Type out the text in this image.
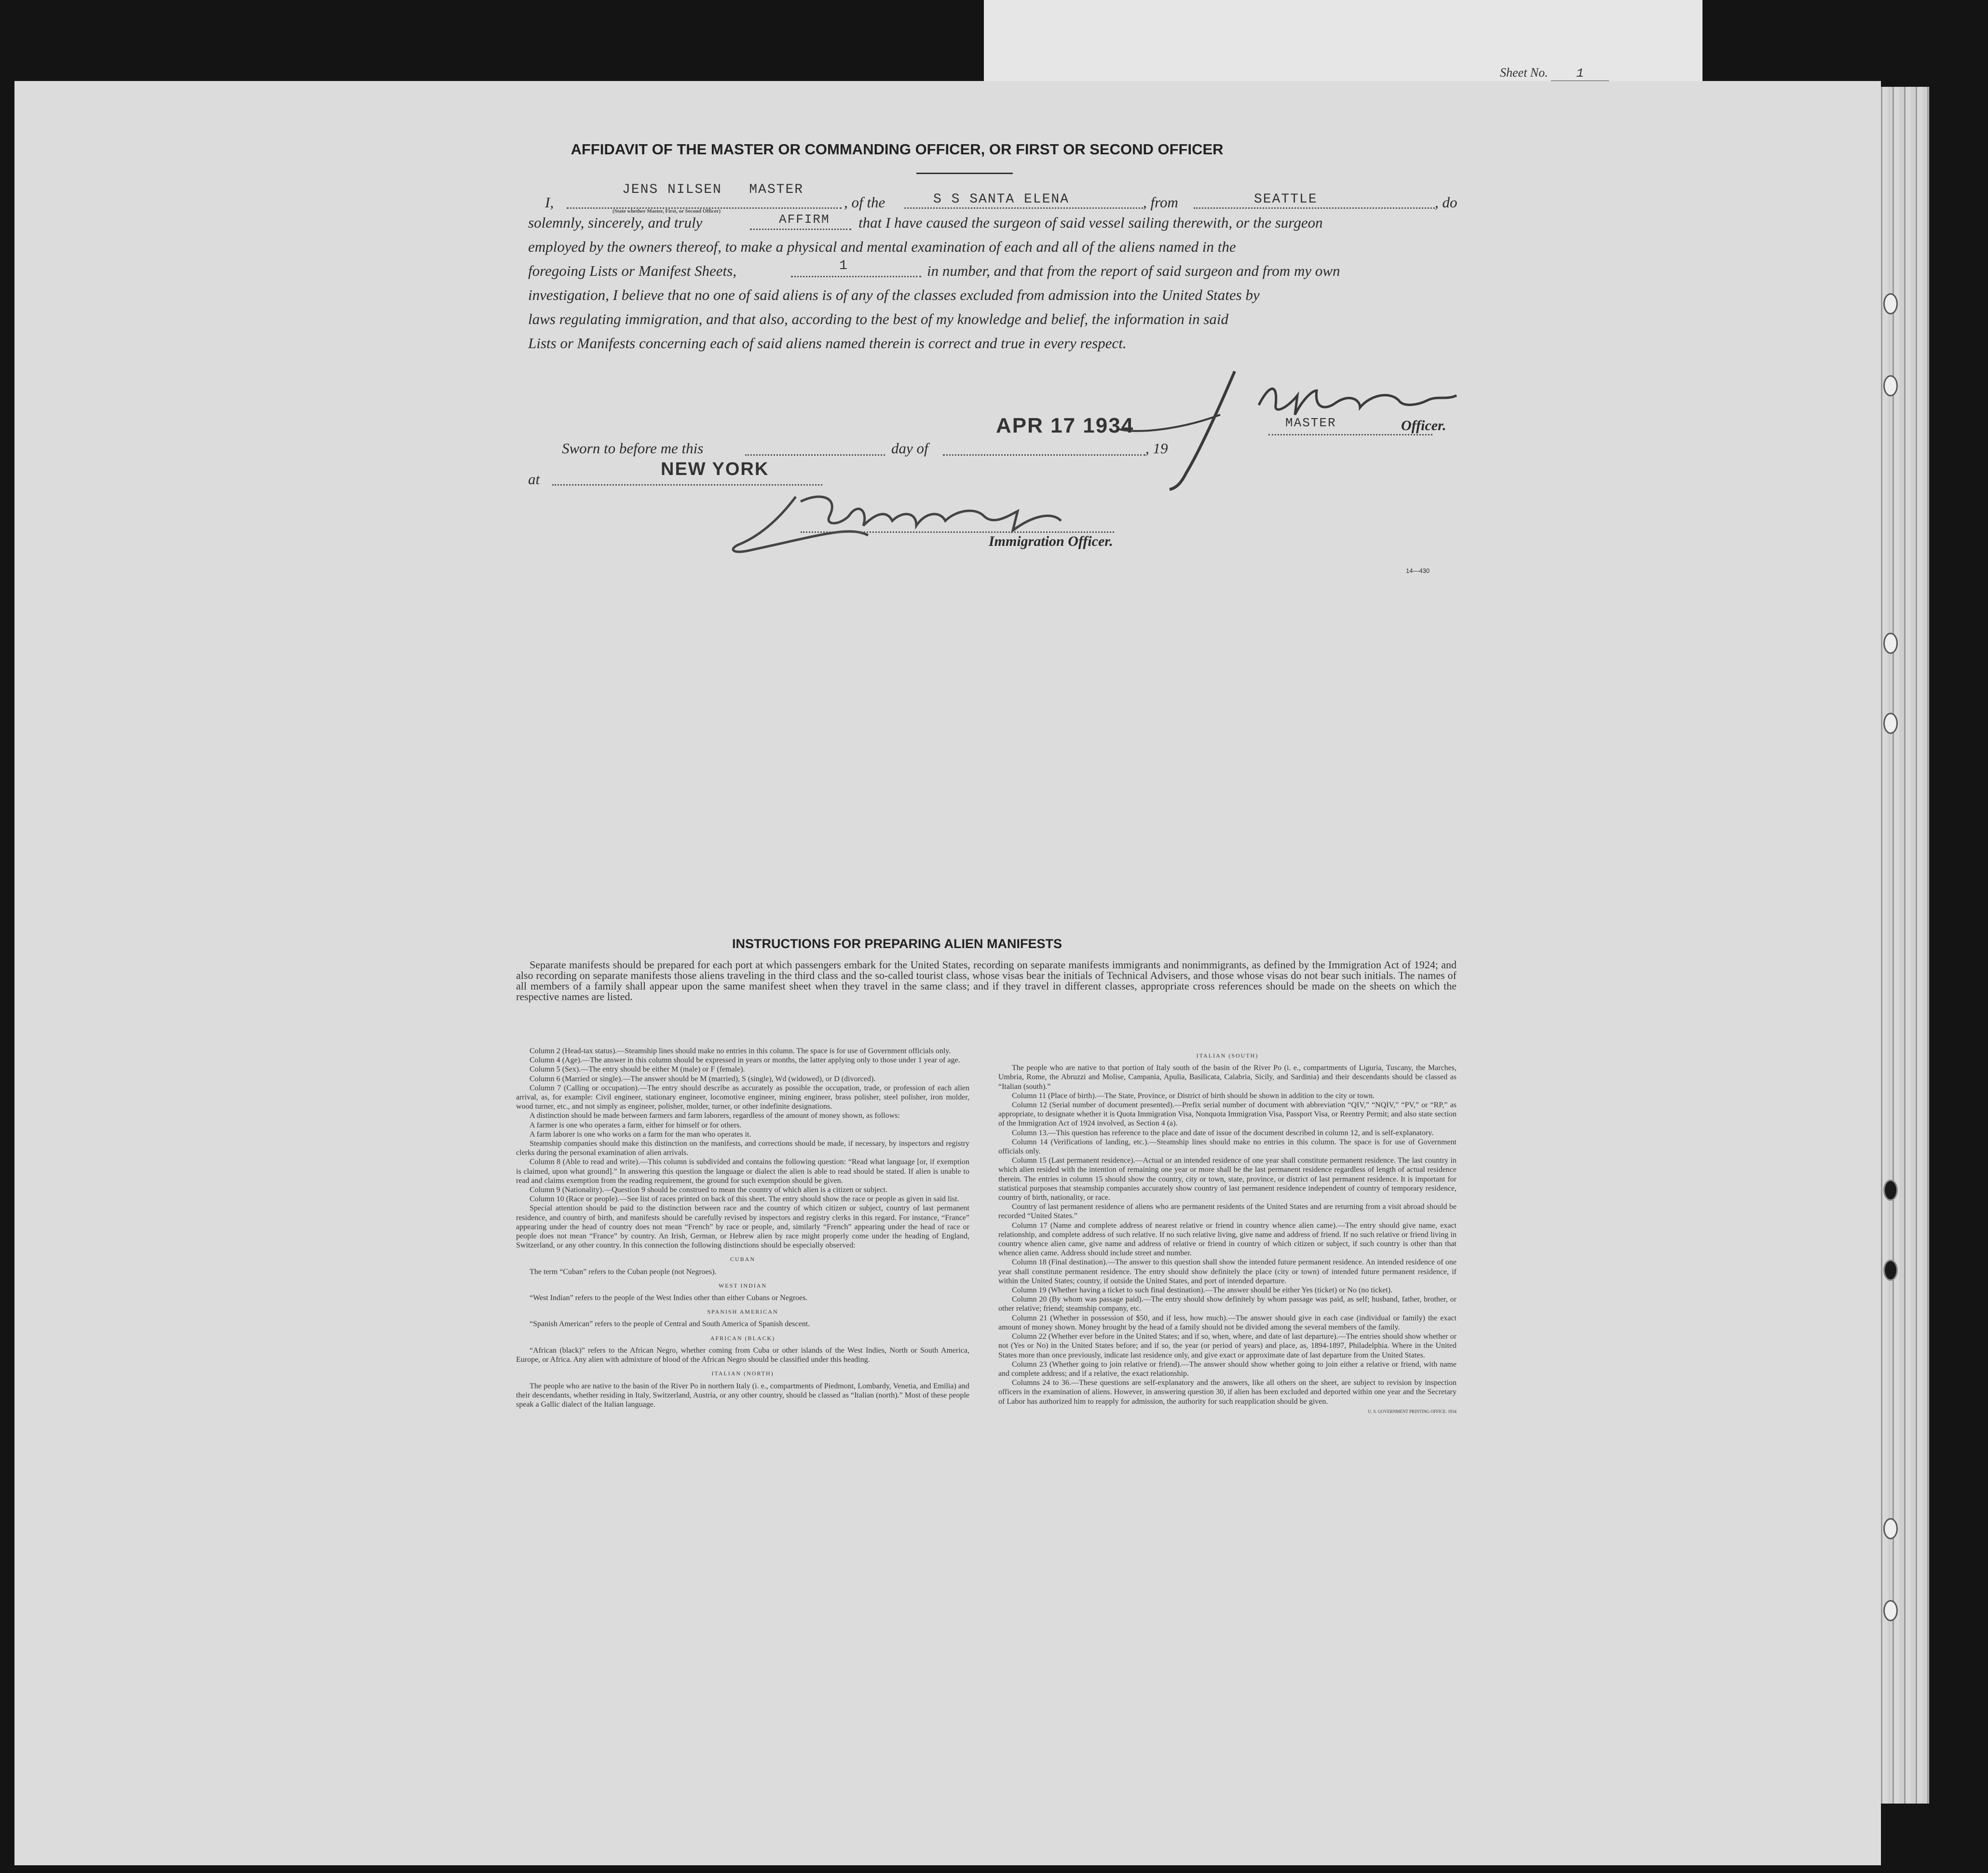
Sheet No. 1
AFFIDAVIT OF THE MASTER OR COMMANDING OFFICER, OR FIRST OR SECOND OFFICER
I,
JENS NILSEN   MASTER
(State whether Master, First, or Second Officer)
, of the	S S SANTA ELENA	, from	SEATTLE	, do
solemnly, sincerely, and truly	AFFIRM that I have caused the surgeon of said vessel sailing therewith, or the surgeon
employed by the owners thereof, to make a physical and mental examination of each and all of the aliens named in the
foregoing Lists or Manifest Sheets,	1	in number, and that from the report of said surgeon and from my own
investigation, I believe that no one of said aliens is of any of the classes excluded from admission into the United States by
laws regulating immigration, and that also, according to the best of my knowledge and belief, the information in said
Lists or Manifests concerning each of said aliens named therein is correct and true in every respect.
MASTER	Officer.
Sworn to before me this	day of	, 19
APR 17 1934
at	NEW YORK
Immigration Officer.
14—430
INSTRUCTIONS FOR PREPARING ALIEN MANIFESTS

Separate manifests should be prepared for each port at which passengers embark for the United States, recording on separate manifests immigrants and nonimmigrants, as defined by the Immigration Act of 1924; and also recording on separate manifests those aliens traveling in the third class and the so-called tourist class, whose visas bear the initials of Technical Advisers, and those whose visas do not bear such initials. The names of all members of a family shall appear upon the same manifest sheet when they travel in the same class; and if they travel in different classes, appropriate cross references should be made on the sheets on which the respective names are listed.

Column 2 (Head-tax status).—Steamship lines should make no entries in this column. The space is for use of Government officials only.

Column 4 (Age).—The answer in this column should be expressed in years or months, the latter applying only to those under 1 year of age.

Column 5 (Sex).—The entry should be either M (male) or F (female).

Column 6 (Married or single).—The answer should be M (married), S (single), Wd (widowed), or D (divorced).

Column 7 (Calling or occupation).—The entry should describe as accurately as possible the occupation, trade, or profession of each alien arrival, as, for example: Civil engineer, stationary engineer, locomotive engineer, mining engineer, brass polisher, steel polisher, iron molder, wood turner, etc., and not simply as engineer, polisher, molder, turner, or other indefinite designations.

A distinction should be made between farmers and farm laborers, regardless of the amount of money shown, as follows:

A farmer is one who operates a farm, either for himself or for others.

A farm laborer is one who works on a farm for the man who operates it.

Steamship companies should make this distinction on the manifests, and corrections should be made, if necessary, by inspectors and registry clerks during the personal examination of alien arrivals.

Column 8 (Able to read and write).—This column is subdivided and contains the following question: “Read what language [or, if exemption is claimed, upon what ground].” In answering this question the language or dialect the alien is able to read should be stated. If alien is unable to read and claims exemption from the reading requirement, the ground for such exemption should be given.

Column 9 (Nationality).—Question 9 should be construed to mean the country of which alien is a citizen or subject.

Column 10 (Race or people).—See list of races printed on back of this sheet. The entry should show the race or people as given in said list.

Special attention should be paid to the distinction between race and the country of which citizen or subject, country of last permanent residence, and country of birth, and manifests should be carefully revised by inspectors and registry clerks in this regard. For instance, “France” appearing under the head of country does not mean “French” by race or people, and, similarly “French” appearing under the head of race or people does not mean “France” by country. An Irish, German, or Hebrew alien by race might properly come under the heading of England, Switzerland, or any other country. In this connection the following distinctions should be especially observed:

CUBAN

The term “Cuban” refers to the Cuban people (not Negroes).

WEST INDIAN

“West Indian” refers to the people of the West Indies other than either Cubans or Negroes.

SPANISH AMERICAN

“Spanish American” refers to the people of Central and South America of Spanish descent.

AFRICAN (BLACK)

“African (black)” refers to the African Negro, whether coming from Cuba or other islands of the West Indies, North or South America, Europe, or Africa. Any alien with admixture of blood of the African Negro should be classified under this heading.

ITALIAN (NORTH)

The people who are native to the basin of the River Po in northern Italy (i. e., compartments of Piedmont, Lombardy, Venetia, and Emilia) and their descendants, whether residing in Italy, Switzerland, Austria, or any other country, should be classed as “Italian (north).” Most of these people speak a Gallic dialect of the Italian language.

ITALIAN (SOUTH)

The people who are native to that portion of Italy south of the basin of the River Po (i. e., compartments of Liguria, Tuscany, the Marches, Umbria, Rome, the Abruzzi and Molise, Campania, Apulia, Basilicata, Calabria, Sicily, and Sardinia) and their descendants should be classed as “Italian (south).”

Column 11 (Place of birth).—The State, Province, or District of birth should be shown in addition to the city or town.

Column 12 (Serial number of document presented).—Prefix serial number of document with abbreviation “QIV,” “NQIV,” “PV,” or “RP,” as appropriate, to designate whether it is Quota Immigration Visa, Nonquota Immigration Visa, Passport Visa, or Reentry Permit; and also state section of the Immigration Act of 1924 involved, as Section 4 (a).

Column 13.—This question has reference to the place and date of issue of the document described in column 12, and is self-explanatory.

Column 14 (Verifications of landing, etc.).—Steamship lines should make no entries in this column. The space is for use of Government officials only.

Column 15 (Last permanent residence).—Actual or an intended residence of one year shall constitute permanent residence. The last country in which alien resided with the intention of remaining one year or more shall be the last permanent residence regardless of length of actual residence therein. The entries in column 15 should show the country, city or town, state, province, or district of last permanent residence. It is important for statistical purposes that steamship companies accurately show country of last permanent residence independent of country of temporary residence, country of birth, nationality, or race.

Country of last permanent residence of aliens who are permanent residents of the United States and are returning from a visit abroad should be recorded “United States.”

Column 17 (Name and complete address of nearest relative or friend in country whence alien came).—The entry should give name, exact relationship, and complete address of such relative. If no such relative living, give name and address of friend. If no such relative or friend living in country whence alien came, give name and address of relative or friend in country of which citizen or subject, if such country is other than that whence alien came. Address should include street and number.

Column 18 (Final destination).—The answer to this question shall show the intended future permanent residence. An intended residence of one year shall constitute permanent residence. The entry should show definitely the place (city or town) of intended future permanent residence, if within the United States; country, if outside the United States, and port of intended departure.

Column 19 (Whether having a ticket to such final destination).—The answer should be either Yes (ticket) or No (no ticket).

Column 20 (By whom was passage paid).—The entry should show definitely by whom passage was paid, as self; husband, father, brother, or other relative; friend; steamship company, etc.

Column 21 (Whether in possession of $50, and if less, how much).—The answer should give in each case (individual or family) the exact amount of money shown. Money brought by the head of a family should not be divided among the several members of the family.

Column 22 (Whether ever before in the United States; and if so, when, where, and date of last departure).—The entries should show whether or not (Yes or No) in the United States before; and if so, the year (or period of years) and place, as, 1894-1897, Philadelphia. Where in the United States more than once previously, indicate last residence only, and give exact or approximate date of last departure from the United States.

Column 23 (Whether going to join relative or friend).—The answer should show whether going to join either a relative or friend, with name and complete address; and if a relative, the exact relationship.

Columns 24 to 36.—These questions are self-explanatory and the answers, like all others on the sheet, are subject to revision by inspection officers in the examination of aliens. However, in answering question 30, if alien has been excluded and deported within one year and the Secretary of Labor has authorized him to reapply for admission, the authority for such reapplication should be given.

U. S. GOVERNMENT PRINTING OFFICE: 1934
